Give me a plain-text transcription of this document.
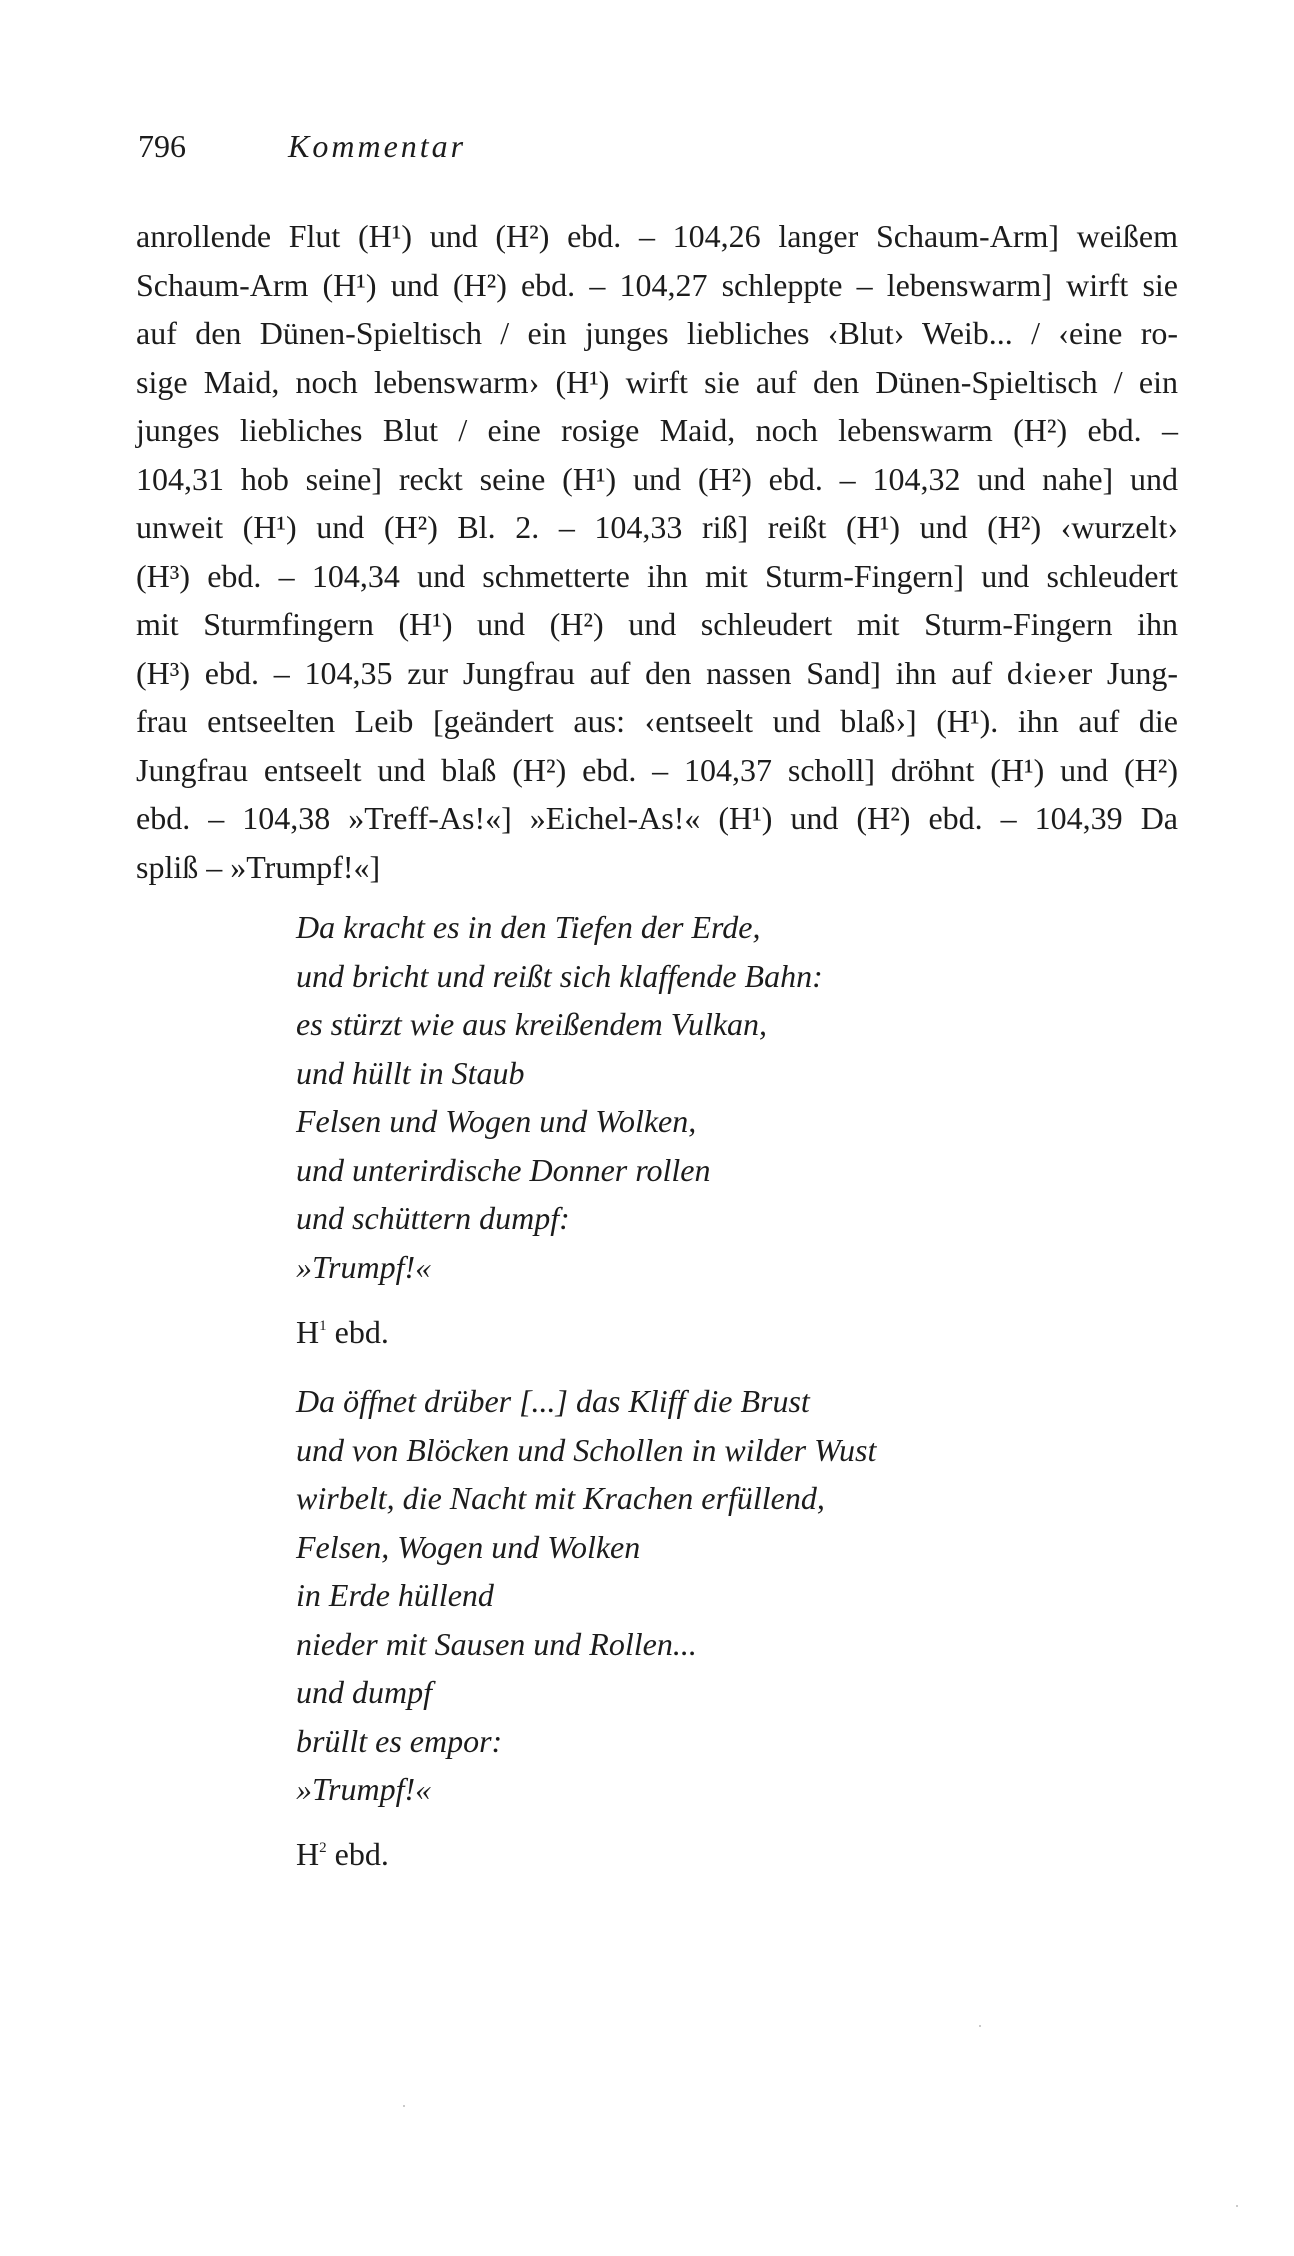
796	Kommentar
anrollende Flut (H¹) und (H²) ebd. – 104,26 langer Schaum-Arm] weißem
Schaum-Arm (H¹) und (H²) ebd. – 104,27 schleppte – lebenswarm] wirft sie
auf den Dünen-Spieltisch / ein junges liebliches ‹Blut› Weib... / ‹eine ro-
sige Maid, noch lebenswarm› (H¹) wirft sie auf den Dünen-Spieltisch / ein
junges liebliches Blut / eine rosige Maid, noch lebenswarm (H²) ebd. –
104,31 hob seine] reckt seine (H¹) und (H²) ebd. – 104,32 und nahe] und
unweit (H¹) und (H²) Bl. 2. – 104,33 riß] reißt (H¹) und (H²) ‹wurzelt›
(H³) ebd. – 104,34 und schmetterte ihn mit Sturm-Fingern] und schleudert
mit Sturmfingern (H¹) und (H²) und schleudert mit Sturm-Fingern ihn
(H³) ebd. – 104,35 zur Jungfrau auf den nassen Sand] ihn auf d‹ie›er Jung-
frau entseelten Leib [geändert aus: ‹entseelt und blaß›] (H¹). ihn auf die
Jungfrau entseelt und blaß (H²) ebd. – 104,37 scholl] dröhnt (H¹) und (H²)
ebd. – 104,38 »Treff-As!«] »Eichel-As!« (H¹) und (H²) ebd. – 104,39 Da
spliß – »Trumpf!«]
Da kracht es in den Tiefen der Erde,
und bricht und reißt sich klaffende Bahn:
es stürzt wie aus kreißendem Vulkan,
und hüllt in Staub
Felsen und Wogen und Wolken,
und unterirdische Donner rollen
und schüttern dumpf:
»Trumpf!«
$H^1$ ebd.
Da öffnet drüber [...] das Kliff die Brust
und von Blöcken und Schollen in wilder Wust
wirbelt, die Nacht mit Krachen erfüllend,
Felsen, Wogen und Wolken
in Erde hüllend
nieder mit Sausen und Rollen...
und dumpf
brüllt es empor:
»Trumpf!«
$H^2$ ebd.
